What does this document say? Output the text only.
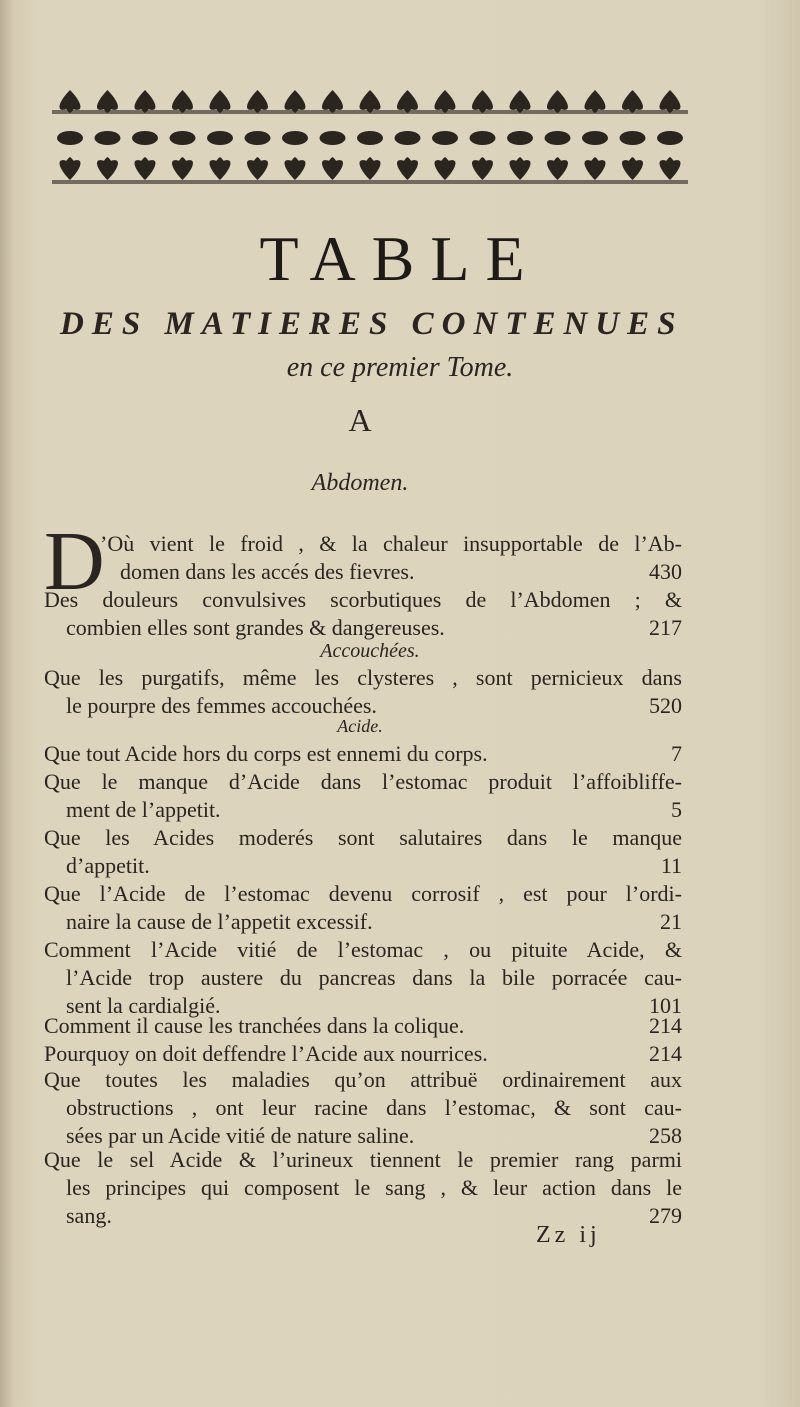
TABLE
DES MATIERES CONTENUES
en ce premier Tome.
A
Abdomen.
D
’Où vient le froid , & la chaleur insupportable de l’Ab-
domen dans les accés des fievres.	430
Des douleurs convulsives scorbutiques de l’Abdomen ; &
combien elles sont grandes & dangereuses.	217
Accouchées.
Que les purgatifs, même les clysteres , sont pernicieux dans
le pourpre des femmes accouchées.	520
Acide.
Que tout Acide hors du corps est ennemi du corps.	7
Que le manque d’Acide dans l’estomac produit l’affoibliffe-
ment de l’appetit.	5
Que les Acides moderés sont salutaires dans le manque
d’appetit.	11
Que l’Acide de l’estomac devenu corrosif , est pour l’ordi-
naire la cause de l’appetit excessif.	21
Comment l’Acide vitié de l’estomac , ou pituite Acide, &
l’Acide trop austere du pancreas dans la bile porracée cau-
sent la cardialgié.	101
Comment il cause les tranchées dans la colique.	214
Pourquoy on doit deffendre l’Acide aux nourrices.	214
Que toutes les maladies qu’on attribuë ordinairement aux
obstructions , ont leur racine dans l’estomac, & sont cau-
sées par un Acide vitié de nature saline.	258
Que le sel Acide & l’urineux tiennent le premier rang parmi
les principes qui composent le sang , & leur action dans le
sang.	279
Zz ij
